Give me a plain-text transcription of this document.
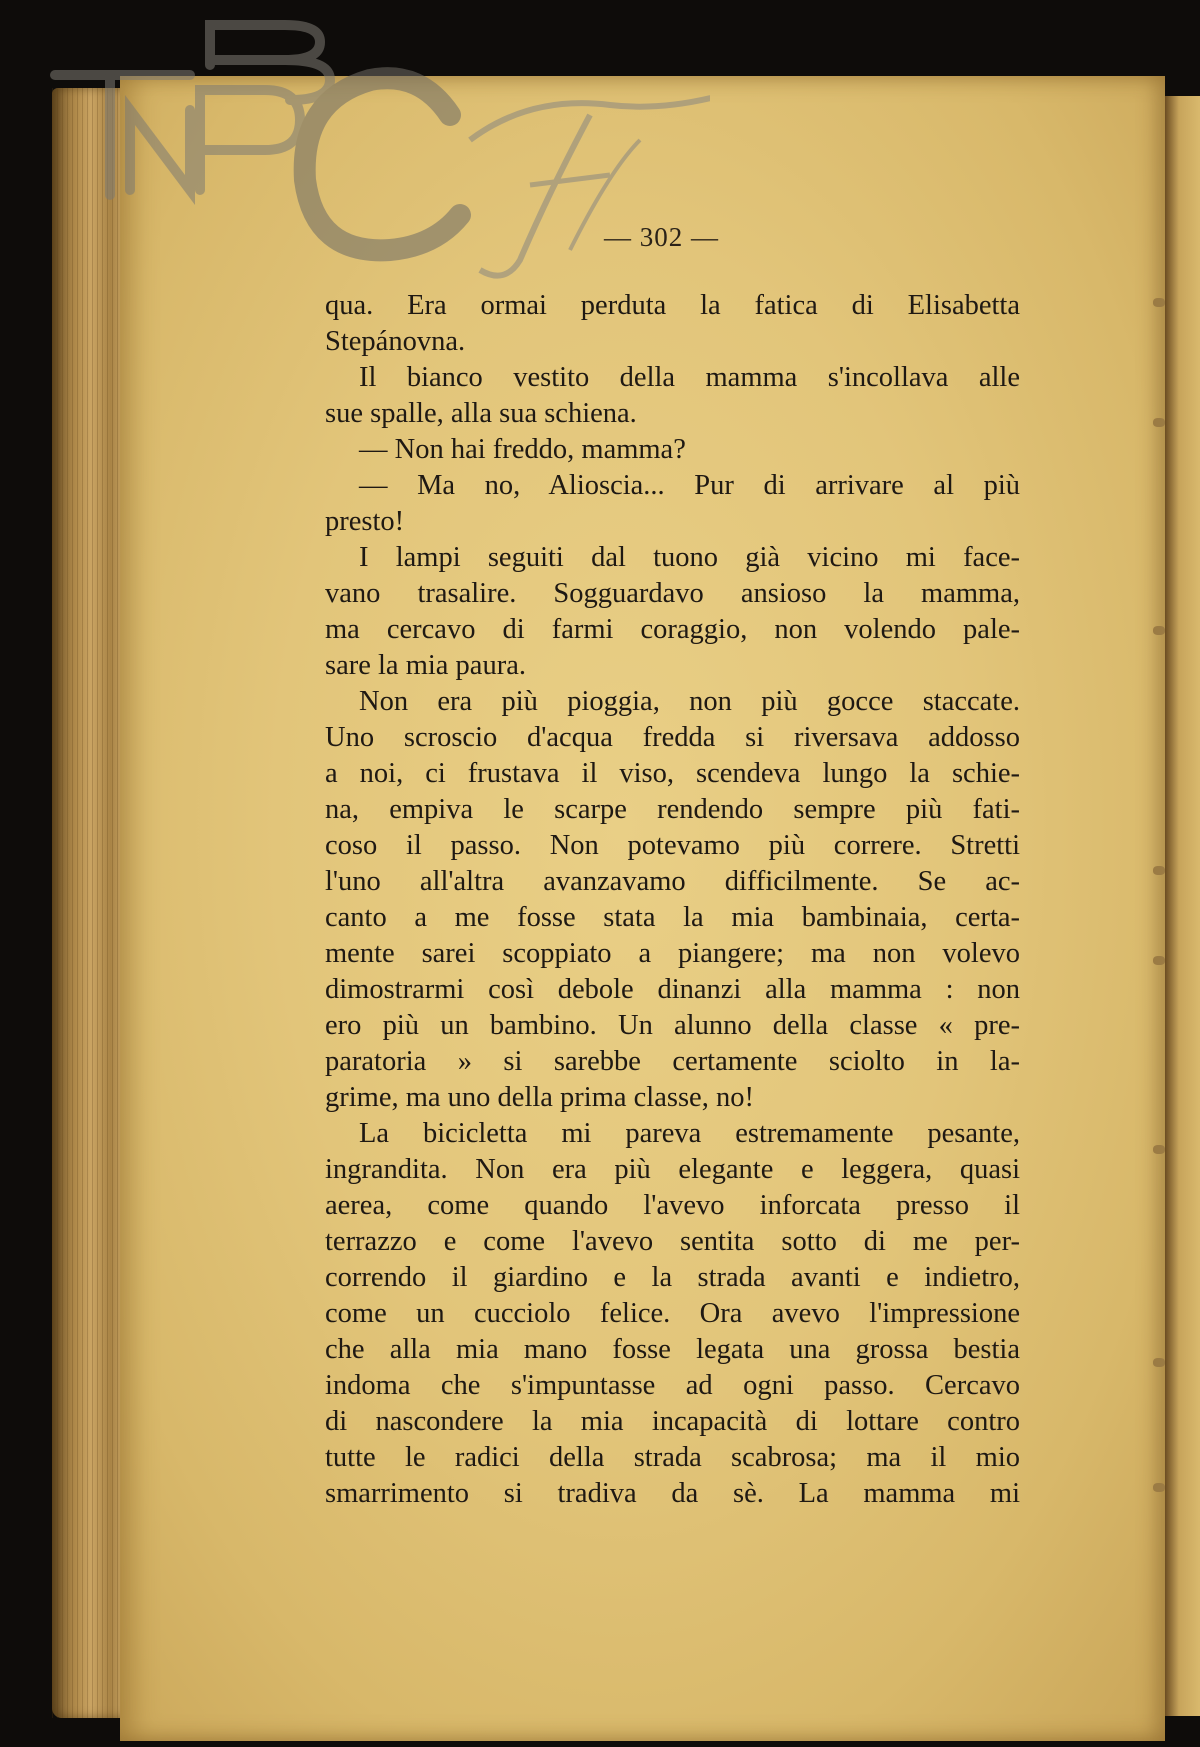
— 302 —
qua. Era ormai perduta la fatica di Elisabetta
Stepánovna.
Il bianco vestito della mamma s'incollava alle
sue spalle, alla sua schiena.
— Non hai freddo, mamma?
— Ma no, Alioscia... Pur di arrivare al più
presto!
I lampi seguiti dal tuono già vicino mi face-
vano trasalire. Sogguardavo ansioso la mamma,
ma cercavo di farmi coraggio, non volendo pale-
sare la mia paura.
Non era più pioggia, non più gocce staccate.
Uno scroscio d'acqua fredda si riversava addosso
a noi, ci frustava il viso, scendeva lungo la schie-
na, empiva le scarpe rendendo sempre più fati-
coso il passo. Non potevamo più correre. Stretti
l'uno all'altra avanzavamo difficilmente. Se ac-
canto a me fosse stata la mia bambinaia, certa-
mente sarei scoppiato a piangere; ma non volevo
dimostrarmi così debole dinanzi alla mamma : non
ero più un bambino. Un alunno della classe « pre-
paratoria » si sarebbe certamente sciolto in la-
grime, ma uno della prima classe, no!
La bicicletta mi pareva estremamente pesante,
ingrandita. Non era più elegante e leggera, quasi
aerea, come quando l'avevo inforcata presso il
terrazzo e come l'avevo sentita sotto di me per-
correndo il giardino e la strada avanti e indietro,
come un cucciolo felice. Ora avevo l'impressione
che alla mia mano fosse legata una grossa bestia
indoma che s'impuntasse ad ogni passo. Cercavo
di nascondere la mia incapacità di lottare contro
tutte le radici della strada scabrosa; ma il mio
smarrimento si tradiva da sè. La mamma mi
